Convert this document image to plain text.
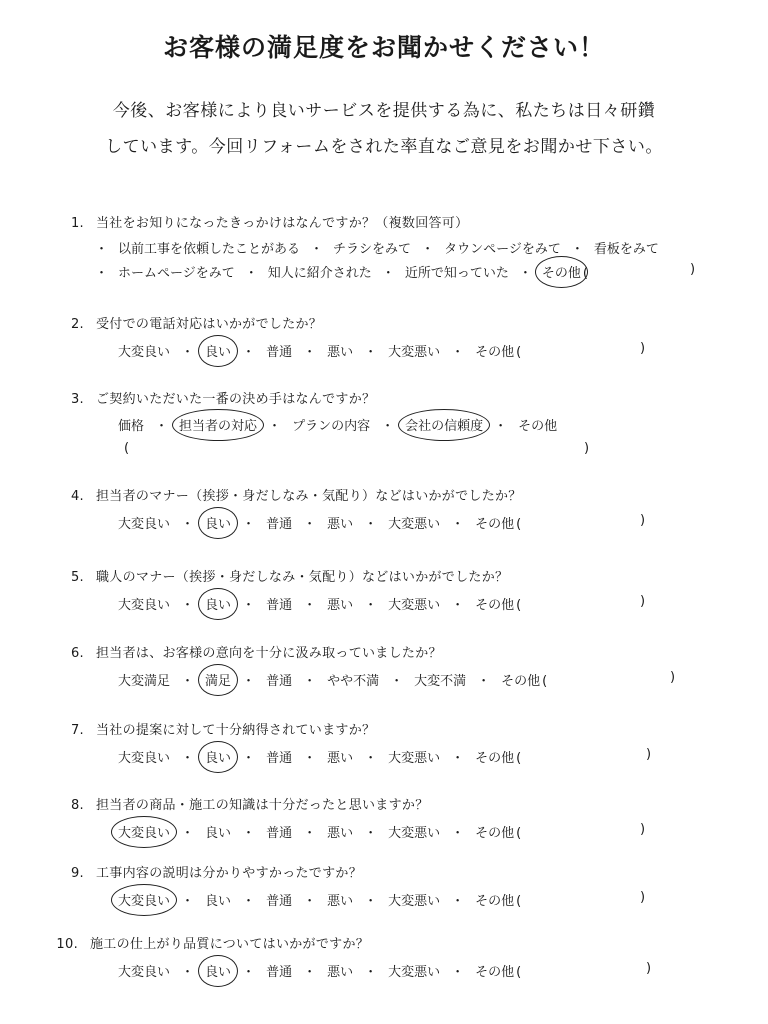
お客様の満足度をお聞かせください！

今後、お客様により良いサービスを提供する為に、私たちは日々研鑽

しています。今回リフォームをされた率直なご意見をお聞かせ下さい。

1. 当社をお知りになったきっかけはなんですか？（複数回答可）
・ 以前工事を依頼したことがある ・ チラシをみて ・ タウンページをみて ・ 看板をみて
・ ホームページをみて ・ 知人に紹介された ・ 近所で知っていた ・ その他 (	)
2. 受付での電話対応はいかがでしたか？
大変良い ・ 良い ・ 普通 ・ 悪い ・ 大変悪い ・ その他 (	)
3. ご契約いただいた一番の決め手はなんですか？
価格 ・ 担当者の対応 ・ プランの内容 ・ 会社の信頼度 ・ その他
(	)
4. 担当者のマナー（挨拶・身だしなみ・気配り）などはいかがでしたか？
大変良い ・ 良い ・ 普通 ・ 悪い ・ 大変悪い ・ その他 (	)
5. 職人のマナー（挨拶・身だしなみ・気配り）などはいかがでしたか？
大変良い ・ 良い ・ 普通 ・ 悪い ・ 大変悪い ・ その他 (	)
6. 担当者は、お客様の意向を十分に汲み取っていましたか？
大変満足 ・ 満足 ・ 普通 ・ やや不満 ・ 大変不満 ・ その他 (	)
7. 当社の提案に対して十分納得されていますか？
大変良い ・ 良い ・ 普通 ・ 悪い ・ 大変悪い ・ その他 (	)
8. 担当者の商品・施工の知識は十分だったと思いますか？
大変良い ・ 良い ・ 普通 ・ 悪い ・ 大変悪い ・ その他 (	)
9. 工事内容の説明は分かりやすかったですか？
大変良い ・ 良い ・ 普通 ・ 悪い ・ 大変悪い ・ その他 (	)
10. 施工の仕上がり品質についてはいかがですか？
大変良い ・ 良い ・ 普通 ・ 悪い ・ 大変悪い ・ その他 (	)
